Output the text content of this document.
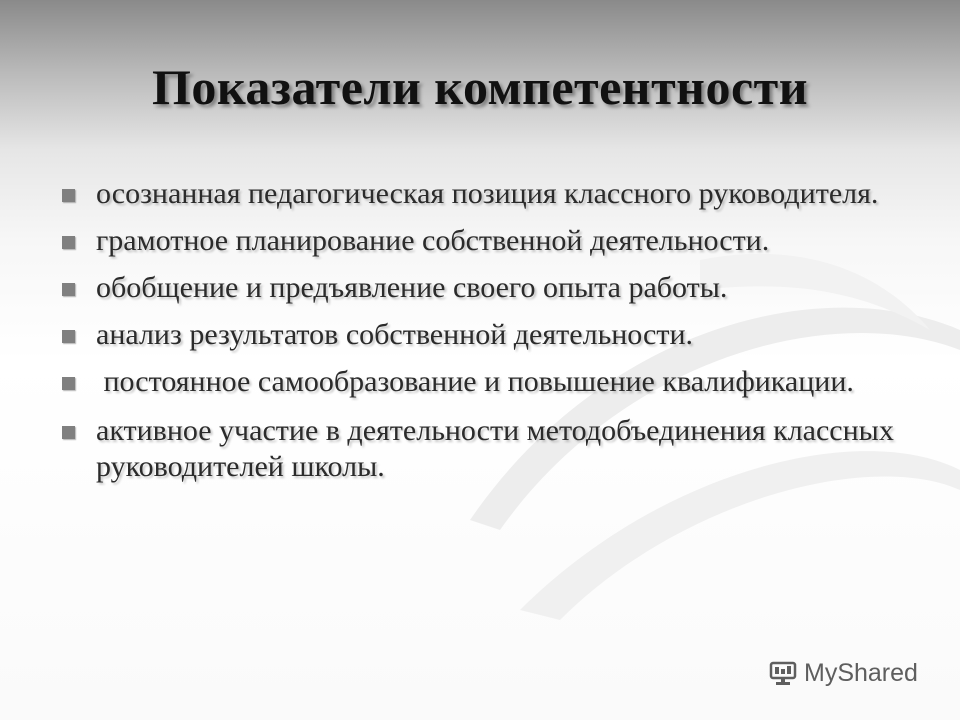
Показатели компетентности
осознанная педагогическая позиция классного руководителя.
грамотное планирование собственной деятельности.
обобщение и предъявление своего опыта работы.
анализ результатов собственной деятельности.
постоянное самообразование и повышение квалификации.
активное участие в деятельности методобъединения классных руководителей школы.
MyShared
